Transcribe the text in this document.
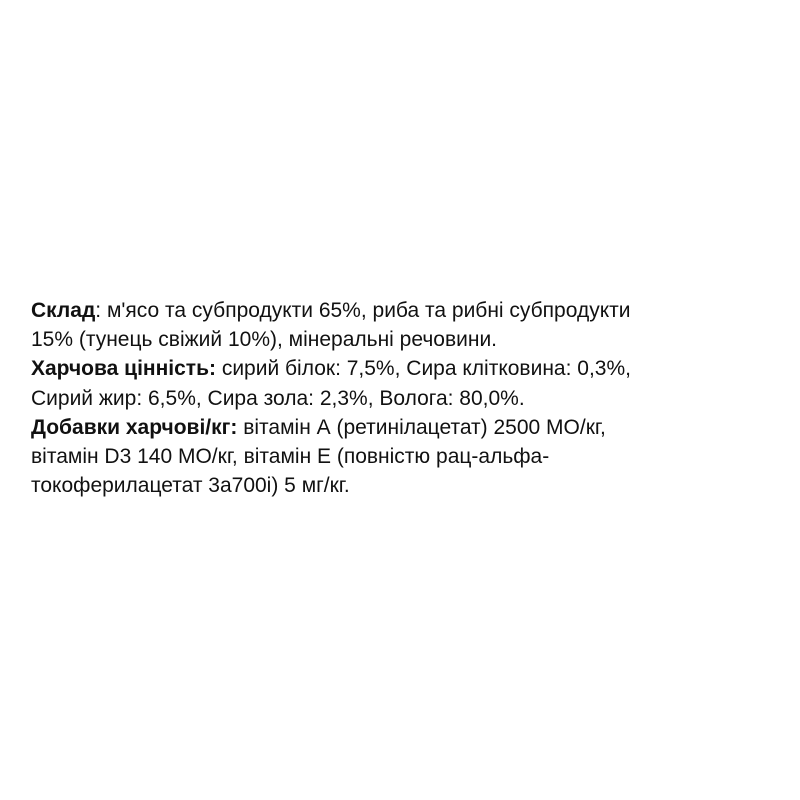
Склад: м'ясо та субпродукти 65%, риба та рибні субпродукти
15% (тунець свіжий 10%), мінеральні речовини.
Харчова цінність: сирий білок: 7,5%, Сира клітковина: 0,3%,
Сирий жир: 6,5%, Сира зола: 2,3%, Волога: 80,0%.
Добавки харчові/кг: вітамін А (ретинілацетат) 2500 МО/кг,
вітамін D3 140 МО/кг, вітамін Е (повністю рац-альфа-
токоферилацетат 3а700і) 5 мг/кг.
